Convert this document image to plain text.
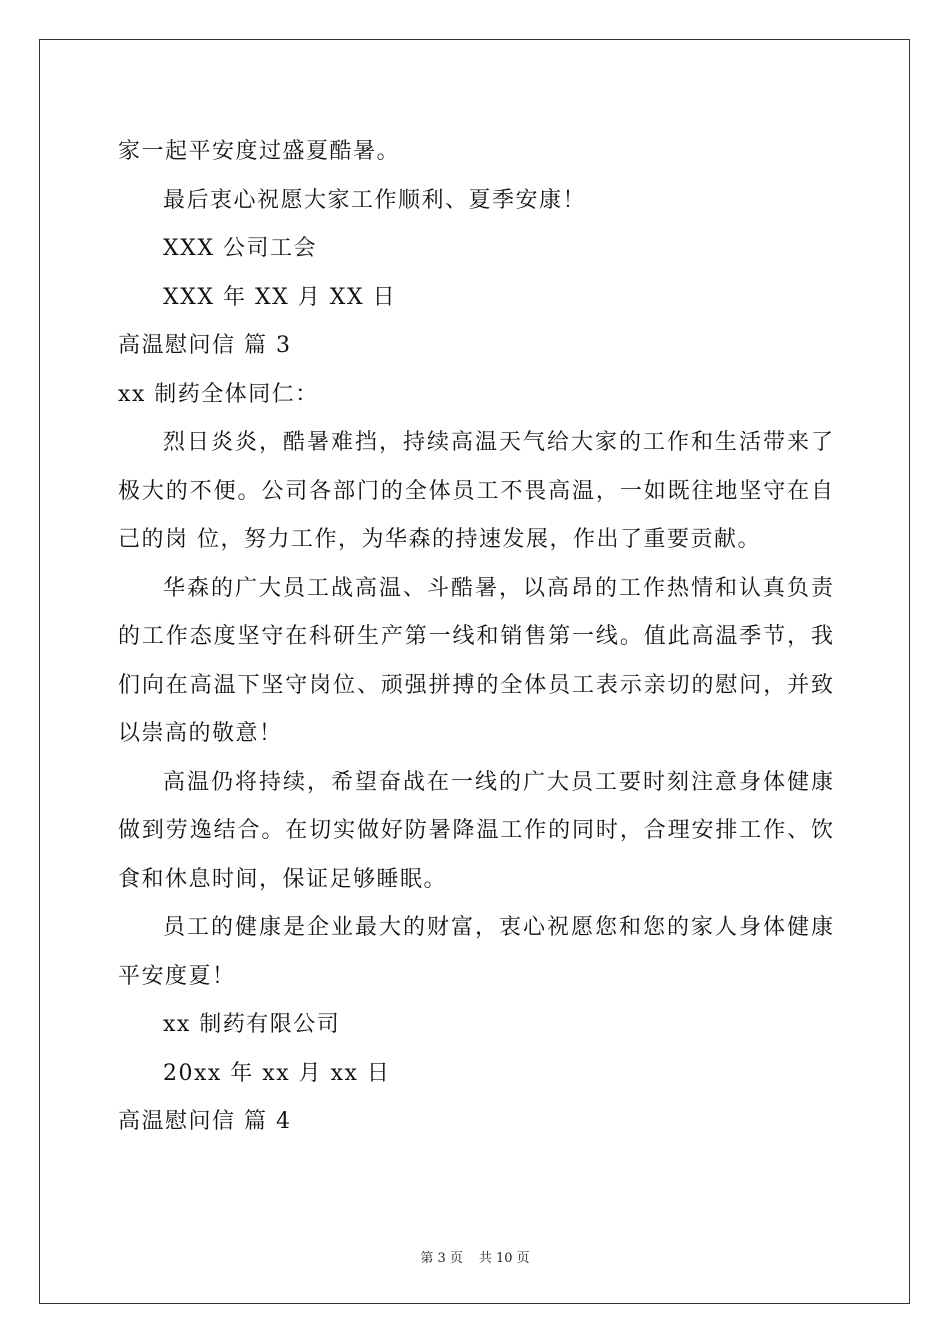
家一起平安度过盛夏酷暑。
最后衷心祝愿大家工作顺利、夏季安康！
XXX 公司工会
XXX 年 XX 月 XX 日
高温慰问信 篇 3
xx 制药全体同仁：
烈日炎炎，酷暑难挡，持续高温天气给大家的工作和生活带来了
极大的不便。公司各部门的全体员工不畏高温，一如既往地坚守在自
己的岗 位，努力工作，为华森的持速发展，作出了重要贡献。
华森的广大员工战高温、斗酷暑，以高昂的工作热情和认真负责
的工作态度坚守在科研生产第一线和销售第一线。值此高温季节，我
们向在高温下坚守岗位、顽强拼搏的全体员工表示亲切的慰问，并致
以崇高的敬意！
高温仍将持续，希望奋战在一线的广大员工要时刻注意身体健康
做到劳逸结合。在切实做好防暑降温工作的同时，合理安排工作、饮
食和休息时间，保证足够睡眠。
员工的健康是企业最大的财富，衷心祝愿您和您的家人身体健康
平安度夏！
xx 制药有限公司
20xx 年 xx 月 xx 日
高温慰问信 篇 4
第 3 页 共 10 页
